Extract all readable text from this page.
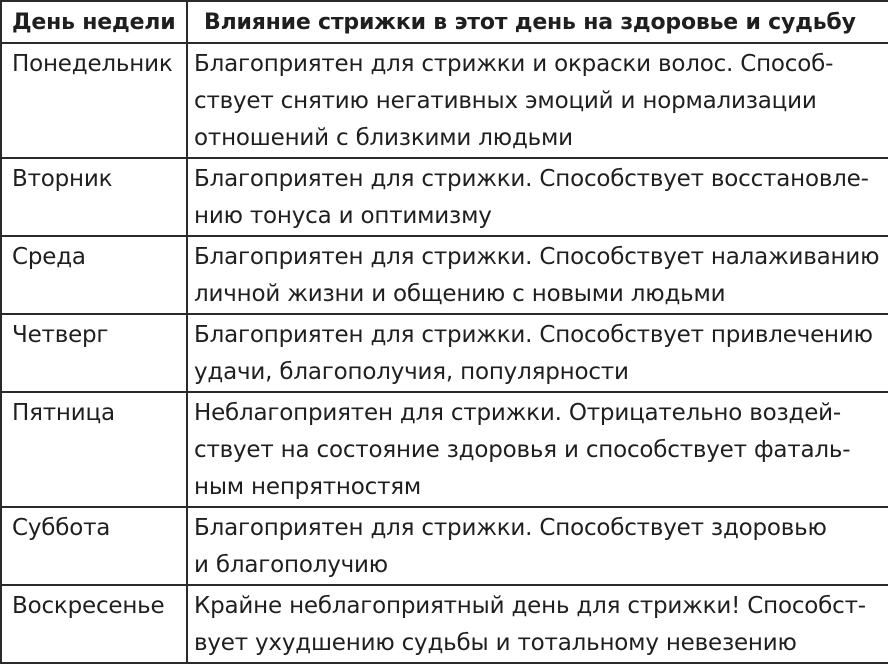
День недели	Влияние стрижки в этот день на здоровье и судьбу
Понедельник	Благоприятен для стрижки и окраски волос. Способ-
ствует снятию негативных эмоций и нормализации
отношений с близкими людьми

Вторник	Благоприятен для стрижки. Способствует восстановле-
нию тонуса и оптимизму

Среда	Благоприятен для стрижки. Способствует налаживанию
личной жизни и общению с новыми людьми

Четверг	Благоприятен для стрижки. Способствует привлечению
удачи, благополучия, популярности

Пятница	Неблагоприятен для стрижки. Отрицательно воздей-
ствует на состояние здоровья и способствует фаталь-
ным непрятностям

Суббота	Благоприятен для стрижки. Способствует здоровью
и благополучию

Воскресенье	Крайне неблагоприятный день для стрижки! Способст-
вует ухудшению судьбы и тотальному невезению
